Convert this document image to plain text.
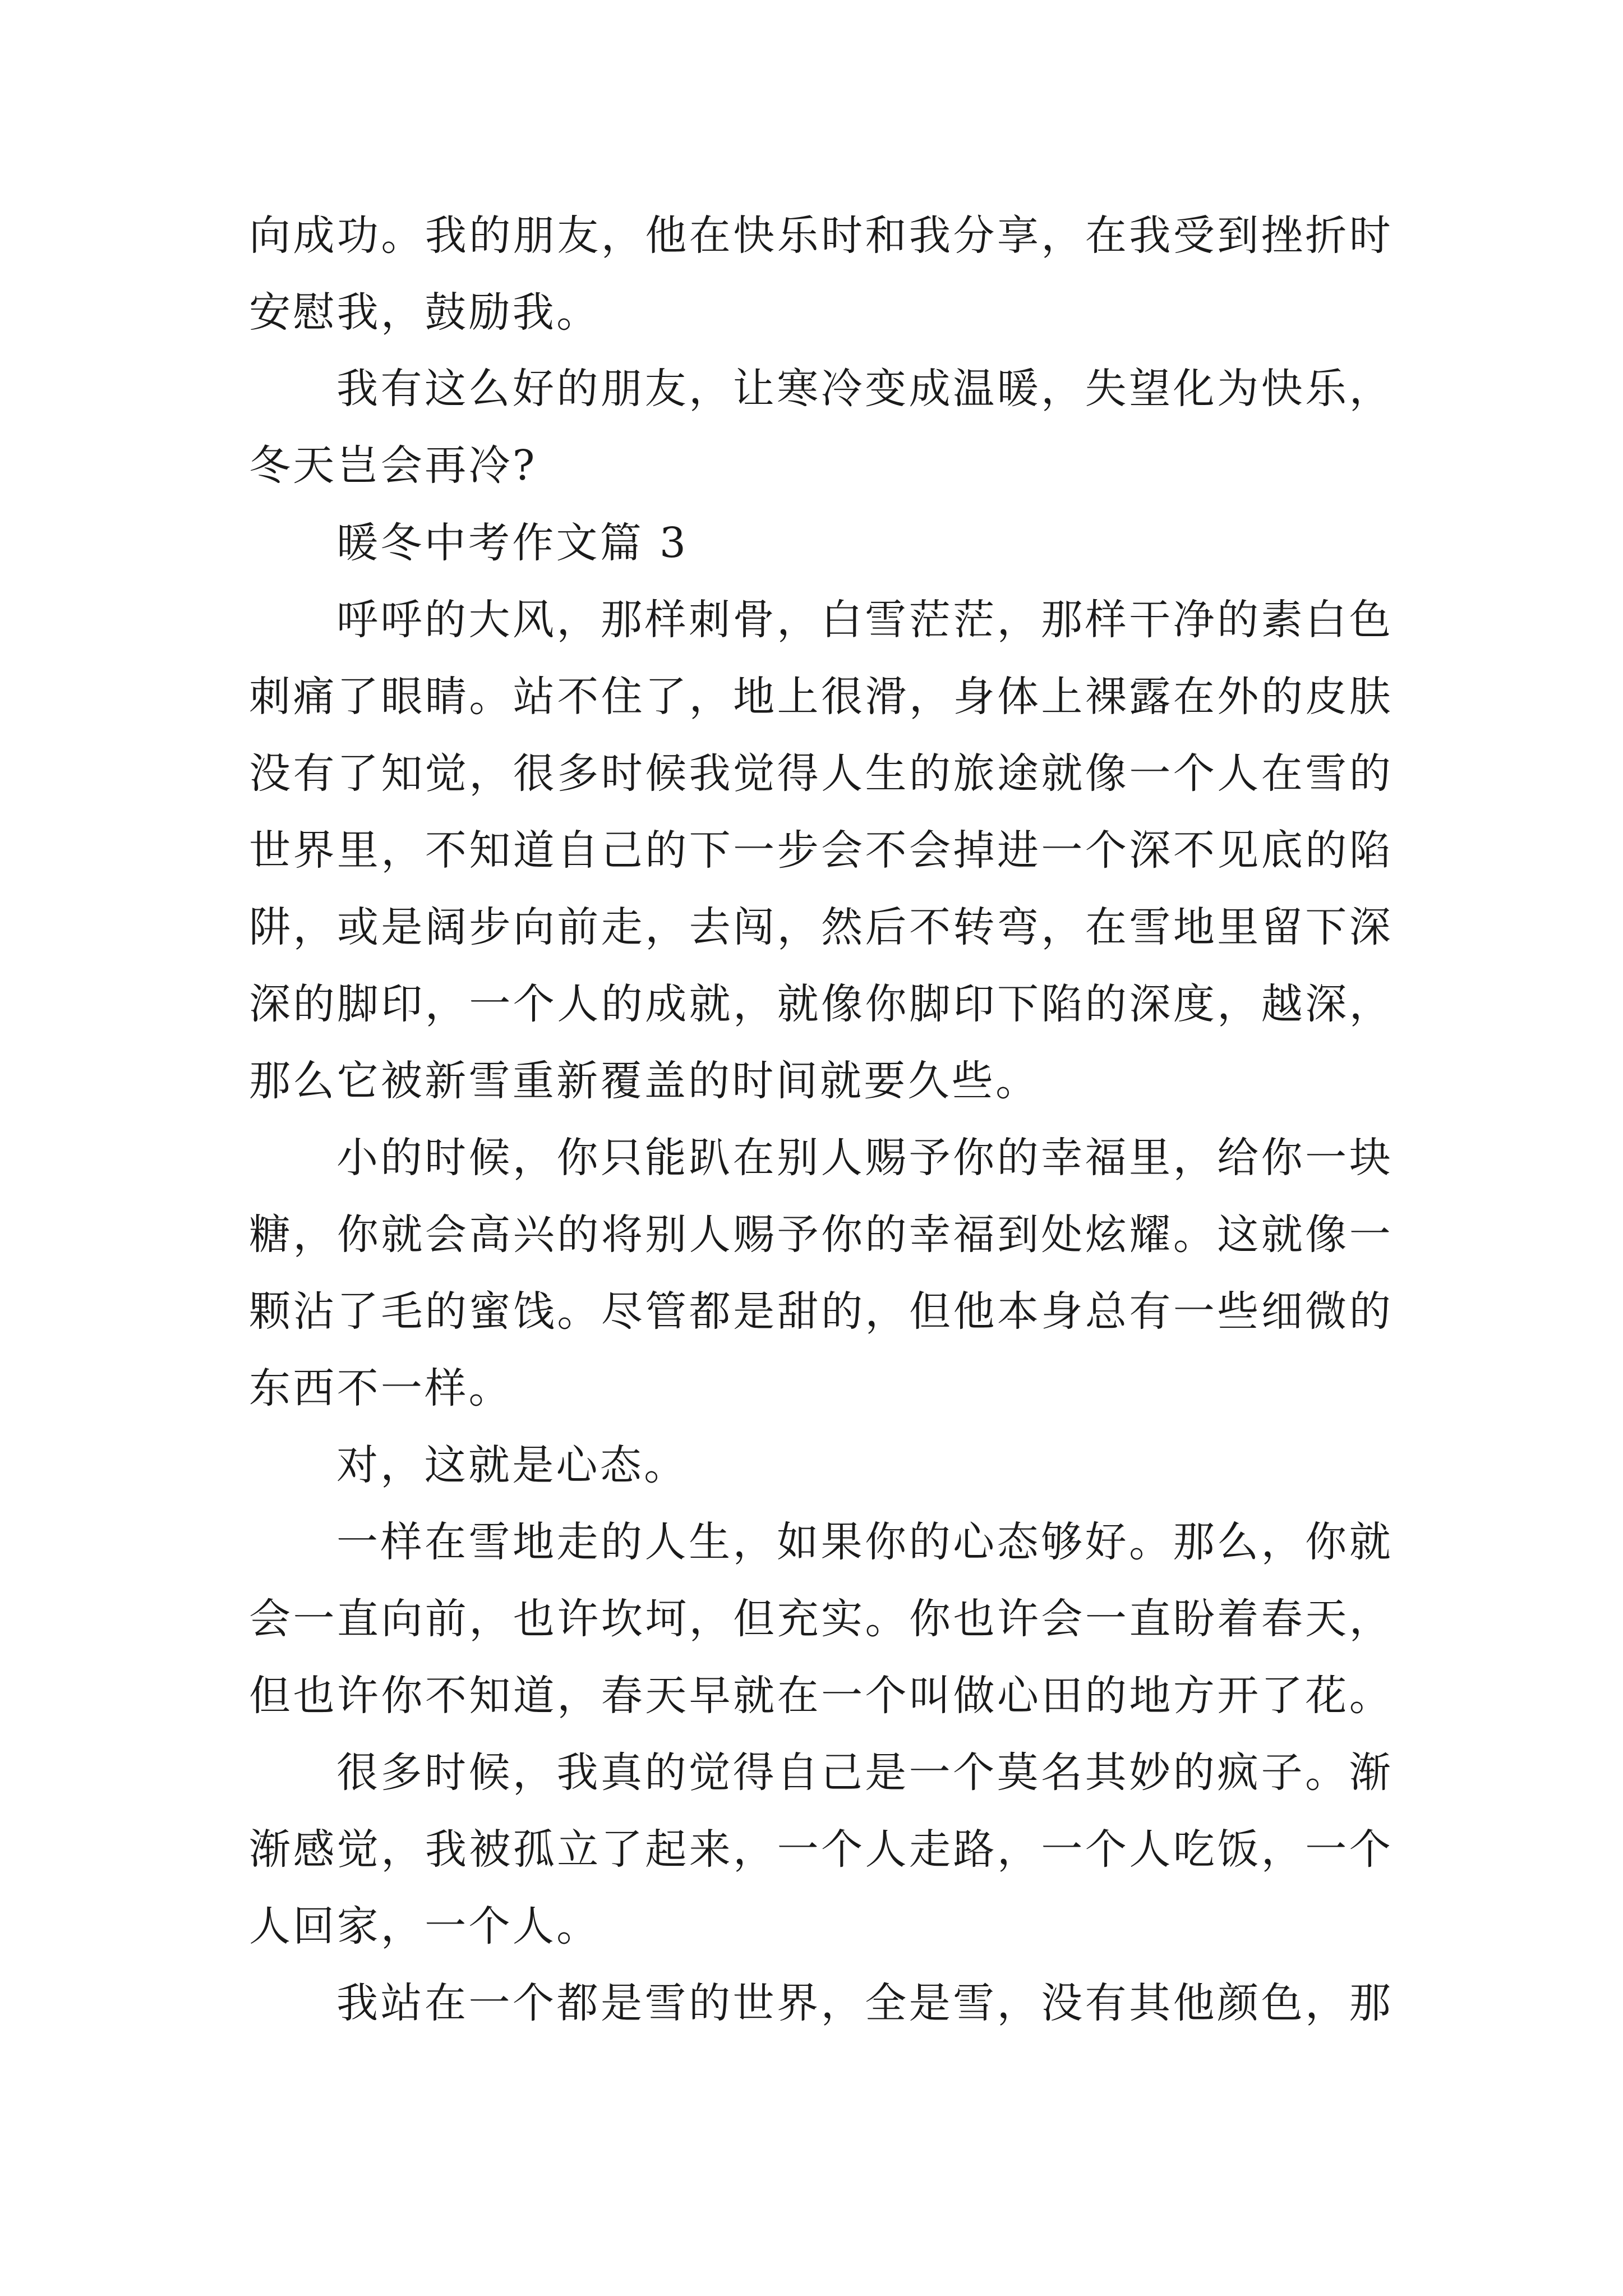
向成功。我的朋友，他在快乐时和我分享，在我受到挫折时

安慰我，鼓励我。

我有这么好的朋友，让寒冷变成温暖，失望化为快乐，

冬天岂会再冷?

暖冬中考作文篇 3

呼呼的大风，那样刺骨，白雪茫茫，那样干净的素白色

刺痛了眼睛。站不住了，地上很滑，身体上裸露在外的皮肤

没有了知觉，很多时候我觉得人生的旅途就像一个人在雪的

世界里，不知道自己的下一步会不会掉进一个深不见底的陷

阱，或是阔步向前走，去闯，然后不转弯，在雪地里留下深

深的脚印，一个人的成就，就像你脚印下陷的深度，越深，

那么它被新雪重新覆盖的时间就要久些。

小的时候，你只能趴在别人赐予你的幸福里，给你一块

糖，你就会高兴的将别人赐予你的幸福到处炫耀。这就像一

颗沾了毛的蜜饯。尽管都是甜的，但他本身总有一些细微的

东西不一样。

对，这就是心态。

一样在雪地走的人生，如果你的心态够好。那么，你就

会一直向前，也许坎坷，但充实。你也许会一直盼着春天，

但也许你不知道，春天早就在一个叫做心田的地方开了花。

很多时候，我真的觉得自己是一个莫名其妙的疯子。渐

渐感觉，我被孤立了起来，一个人走路，一个人吃饭，一个

人回家，一个人。

我站在一个都是雪的世界，全是雪，没有其他颜色，那
